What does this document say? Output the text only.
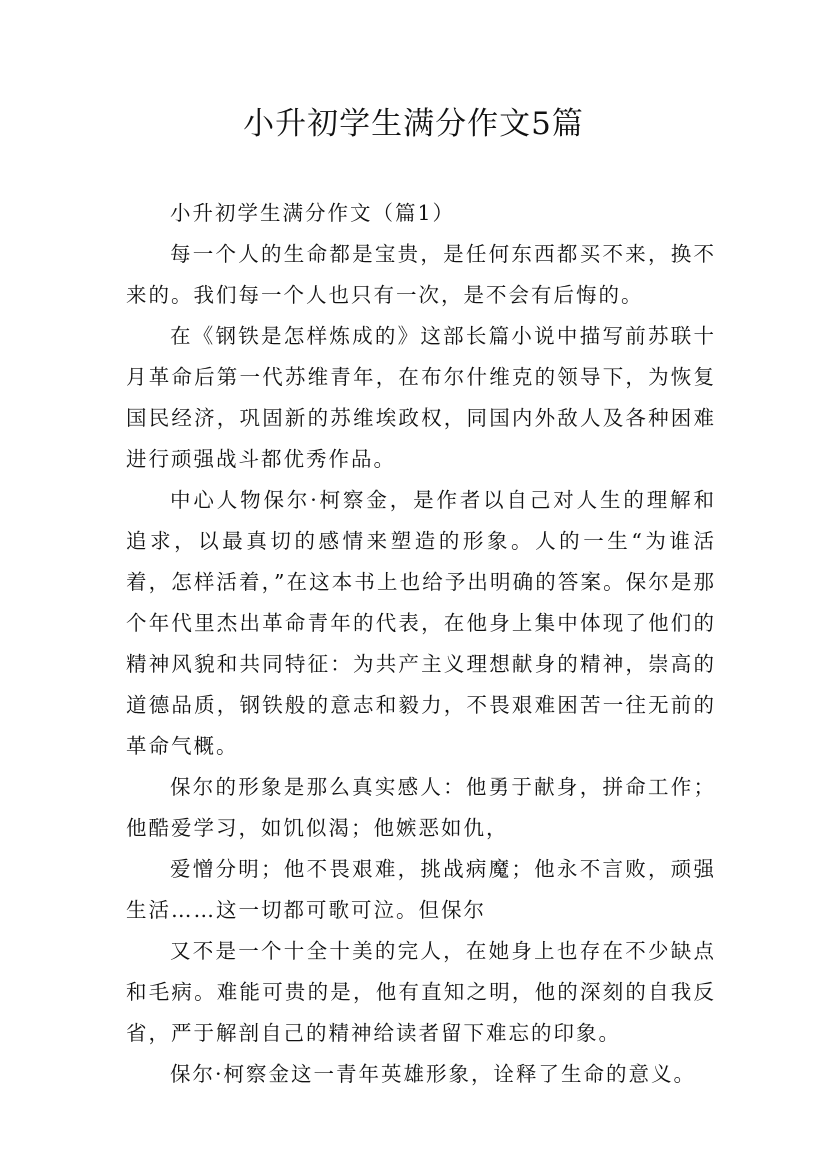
小升初学生满分作文5篇

小升初学生满分作文（篇1）

每一个人的生命都是宝贵，是任何东西都买不来，换不来的。我们每一个人也只有一次，是不会有后悔的。

在《钢铁是怎样炼成的》这部长篇小说中描写前苏联十月革命后第一代苏维青年，在布尔什维克的领导下，为恢复国民经济，巩固新的苏维埃政权，同国内外敌人及各种困难进行顽强战斗都优秀作品。

中心人物保尔·柯察金，是作者以自己对人生的理解和追求，以最真切的感情来塑造的形象。人的一生“为谁活着，怎样活着，”在这本书上也给予出明确的答案。保尔是那个年代里杰出革命青年的代表，在他身上集中体现了他们的精神风貌和共同特征：为共产主义理想献身的精神，崇高的道德品质，钢铁般的意志和毅力，不畏艰难困苦一往无前的革命气概。

保尔的形象是那么真实感人：他勇于献身，拼命工作；他酷爱学习，如饥似渴；他嫉恶如仇，

爱憎分明；他不畏艰难，挑战病魔；他永不言败，顽强生活……这一切都可歌可泣。但保尔

又不是一个十全十美的完人，在她身上也存在不少缺点和毛病。难能可贵的是，他有直知之明，他的深刻的自我反省，严于解剖自己的精神给读者留下难忘的印象。

保尔·柯察金这一青年英雄形象，诠释了生命的意义。
